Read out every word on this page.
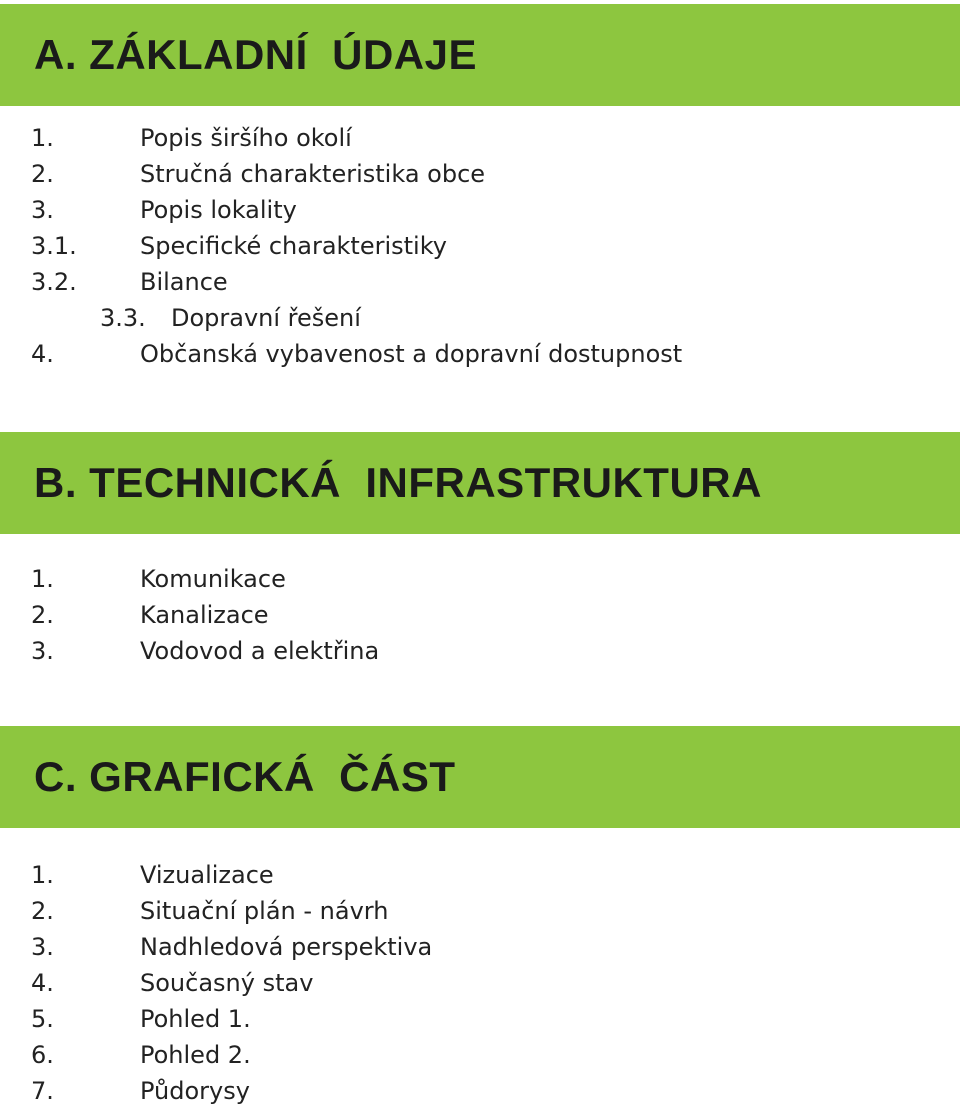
A. ZÁKLADNÍ  ÚDAJE
1.	Popis širšího okolí
2.	Stručná charakteristika obce
3.	Popis lokality
3.1.	Specifické charakteristiky
3.2.	Bilance
3.3. Dopravní řešení
4.	Občanská vybavenost a dopravní dostupnost
B. TECHNICKÁ  INFRASTRUKTURA
1.	Komunikace
2.	Kanalizace
3.	Vodovod a elektřina
C. GRAFICKÁ  ČÁST
1.	Vizualizace
2.	Situační plán - návrh
3.	Nadhledová perspektiva
4.	Současný stav
5.	Pohled 1.
6.	Pohled 2.
7.	Půdorysy
